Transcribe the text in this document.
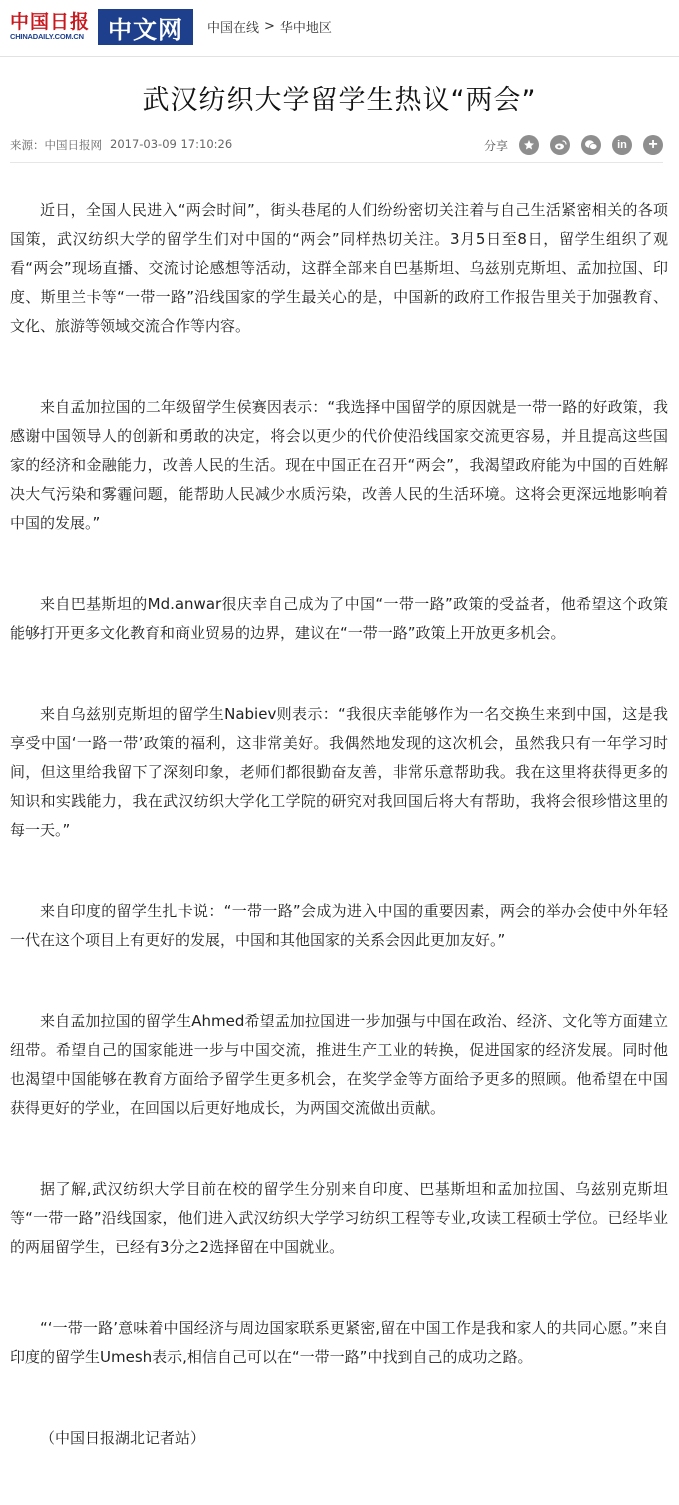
中国日报
CHINADAILY.COM.CN	中文网	中国在线 > 华中地区
武汉纺织大学留学生热议“两会”
来源：中国日报网 2017-03-09 17:10:26	分享	in	+

近日，全国人民进入“两会时间”，街头巷尾的人们纷纷密切关注着与自己生活紧密相关的各项国策，武汉纺织大学的留学生们对中国的“两会”同样热切关注。3月5日至8日，留学生组织了观看“两会”现场直播、交流讨论感想等活动，这群全部来自巴基斯坦、乌兹别克斯坦、孟加拉国、印度、斯里兰卡等“一带一路”沿线国家的学生最关心的是，中国新的政府工作报告里关于加强教育、文化、旅游等领域交流合作等内容。

来自孟加拉国的二年级留学生侯赛因表示：“我选择中国留学的原因就是一带一路的好政策，我感谢中国领导人的创新和勇敢的决定，将会以更少的代价使沿线国家交流更容易，并且提高这些国家的经济和金融能力，改善人民的生活。现在中国正在召开“两会”，我渴望政府能为中国的百姓解决大气污染和雾霾问题，能帮助人民减少水质污染，改善人民的生活环境。这将会更深远地影响着中国的发展。”

来自巴基斯坦的Md.anwar很庆幸自己成为了中国“一带一路”政策的受益者，他希望这个政策能够打开更多文化教育和商业贸易的边界，建议在“一带一路”政策上开放更多机会。

来自乌兹别克斯坦的留学生Nabiev则表示：“我很庆幸能够作为一名交换生来到中国，这是我享受中国‘一路一带’政策的福利，这非常美好。我偶然地发现的这次机会，虽然我只有一年学习时间，但这里给我留下了深刻印象，老师们都很勤奋友善，非常乐意帮助我。我在这里将获得更多的知识和实践能力，我在武汉纺织大学化工学院的研究对我回国后将大有帮助，我将会很珍惜这里的每一天。”

来自印度的留学生扎卡说：“一带一路”会成为进入中国的重要因素，两会的举办会使中外年轻一代在这个项目上有更好的发展，中国和其他国家的关系会因此更加友好。”

来自孟加拉国的留学生Ahmed希望孟加拉国进一步加强与中国在政治、经济、文化等方面建立纽带。希望自己的国家能进一步与中国交流，推进生产工业的转换，促进国家的经济发展。同时他也渴望中国能够在教育方面给予留学生更多机会，在奖学金等方面给予更多的照顾。他希望在中国获得更好的学业，在回国以后更好地成长，为两国交流做出贡献。

据了解,武汉纺织大学目前在校的留学生分别来自印度、巴基斯坦和孟加拉国、乌兹别克斯坦等“一带一路”沿线国家，他们进入武汉纺织大学学习纺织工程等专业,攻读工程硕士学位。已经毕业的两届留学生，已经有3分之2选择留在中国就业。

“‘一带一路’意味着中国经济与周边国家联系更紧密,留在中国工作是我和家人的共同心愿。”来自印度的留学生Umesh表示,相信自己可以在“一带一路”中找到自己的成功之路。

（中国日报湖北记者站）
